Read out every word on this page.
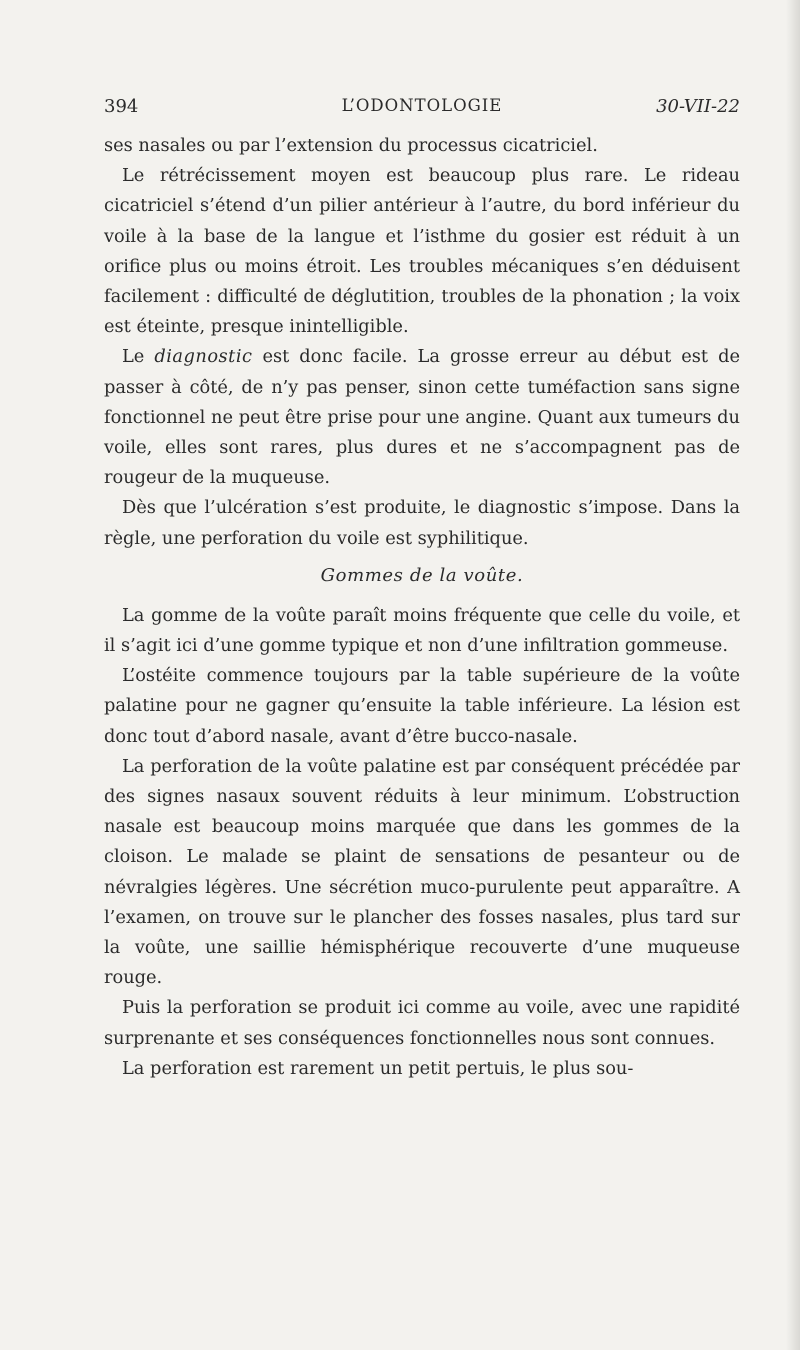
394	L’ODONTOLOGIE	30-VII-22

ses nasales ou par l’extension du processus cicatriciel.

Le rétrécissement moyen est beaucoup plus rare. Le rideau cicatriciel s’étend d’un pilier antérieur à l’autre, du bord inférieur du voile à la base de la langue et l’isthme du gosier est réduit à un orifice plus ou moins étroit. Les troubles mécaniques s’en déduisent facilement : difficulté de déglutition, troubles de la phonation ; la voix est éteinte, presque inintelligible.

Le diagnostic est donc facile. La grosse erreur au début est de passer à côté, de n’y pas penser, sinon cette tuméfaction sans signe fonctionnel ne peut être prise pour une angine. Quant aux tumeurs du voile, elles sont rares, plus dures et ne s’accompagnent pas de rougeur de la muqueuse.

Dès que l’ulcération s’est produite, le diagnostic s’impose. Dans la règle, une perforation du voile est syphilitique.

Gommes de la voûte.

La gomme de la voûte paraît moins fréquente que celle du voile, et il s’agit ici d’une gomme typique et non d’une infiltration gommeuse.

L’ostéite commence toujours par la table supérieure de la voûte palatine pour ne gagner qu’ensuite la table inférieure. La lésion est donc tout d’abord nasale, avant d’être bucco-nasale.

La perforation de la voûte palatine est par conséquent précédée par des signes nasaux souvent réduits à leur minimum. L’obstruction nasale est beaucoup moins marquée que dans les gommes de la cloison. Le malade se plaint de sensations de pesanteur ou de névralgies légères. Une sécrétion muco-purulente peut apparaître. A l’examen, on trouve sur le plancher des fosses nasales, plus tard sur la voûte, une saillie hémisphérique recouverte d’une muqueuse rouge.

Puis la perforation se produit ici comme au voile, avec une rapidité surprenante et ses conséquences fonctionnelles nous sont connues.

La perforation est rarement un petit pertuis, le plus sou-
